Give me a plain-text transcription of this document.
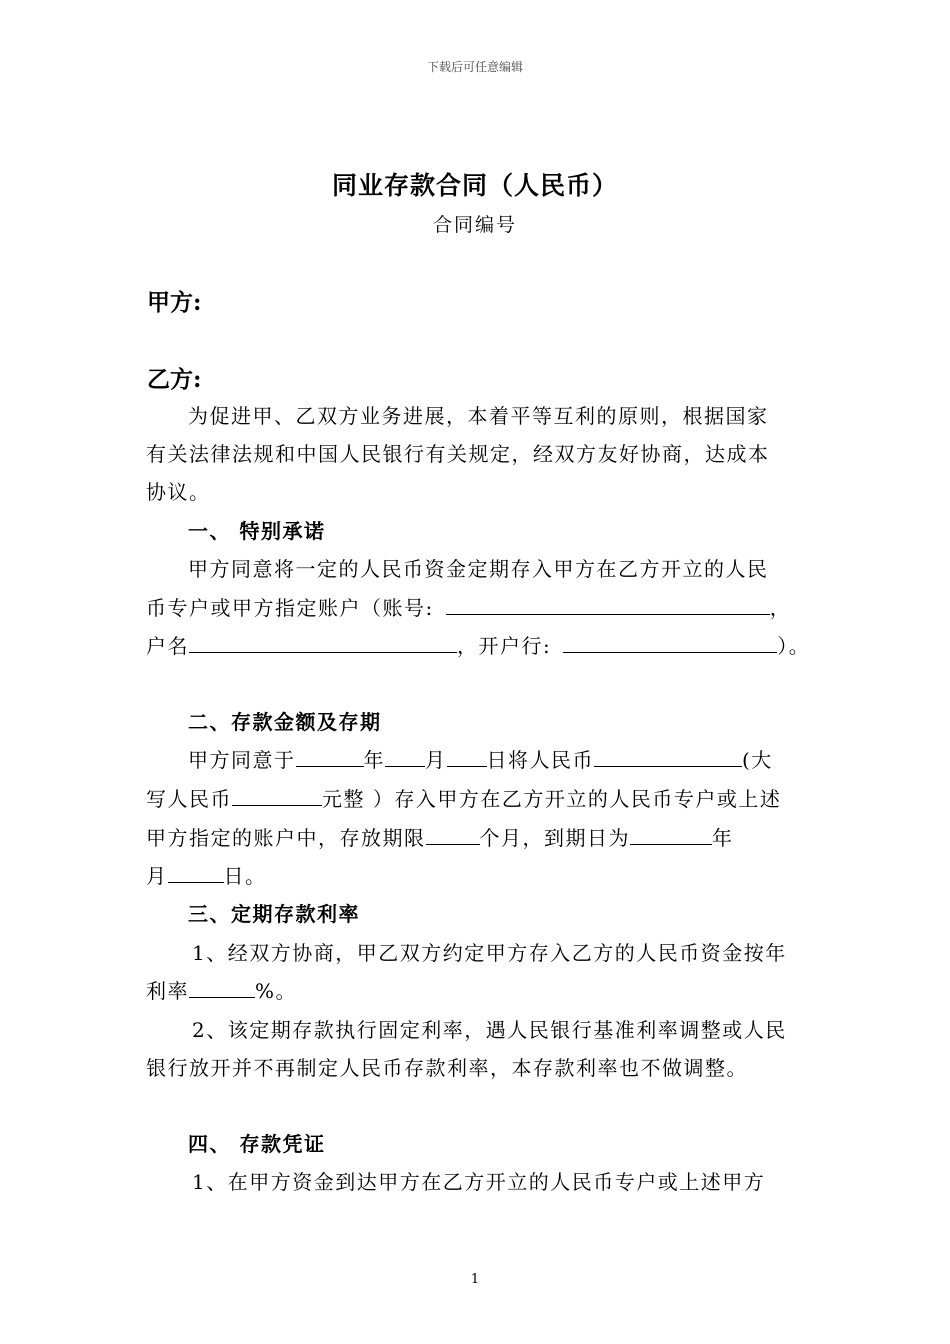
下载后可任意编辑
同业存款合同（人民币）
合同编号
甲方:
乙方:
为促进甲、乙双方业务进展，本着平等互利的原则，根据国家
有关法律法规和中国人民银行有关规定，经双方友好协商，达成本
协议。
一、 特别承诺
甲方同意将一定的人民币资金定期存入甲方在乙方开立的人民
币专户或甲方指定账户（账号:	，
户名	，开户行:	）。
二、存款金额及存期
甲方同意于	年 月 日将人民币	(大
写人民币	元整 ）存入甲方在乙方开立的人民币专户或上述
甲方指定的账户中，存放期限	个月，到期日为	年
月	日。
三、定期存款利率
1、经双方协商，甲乙双方约定甲方存入乙方的人民币资金按年
利率	%。
2、该定期存款执行固定利率，遇人民银行基准利率调整或人民
银行放开并不再制定人民币存款利率，本存款利率也不做调整。
四、 存款凭证
1、在甲方资金到达甲方在乙方开立的人民币专户或上述甲方
1
